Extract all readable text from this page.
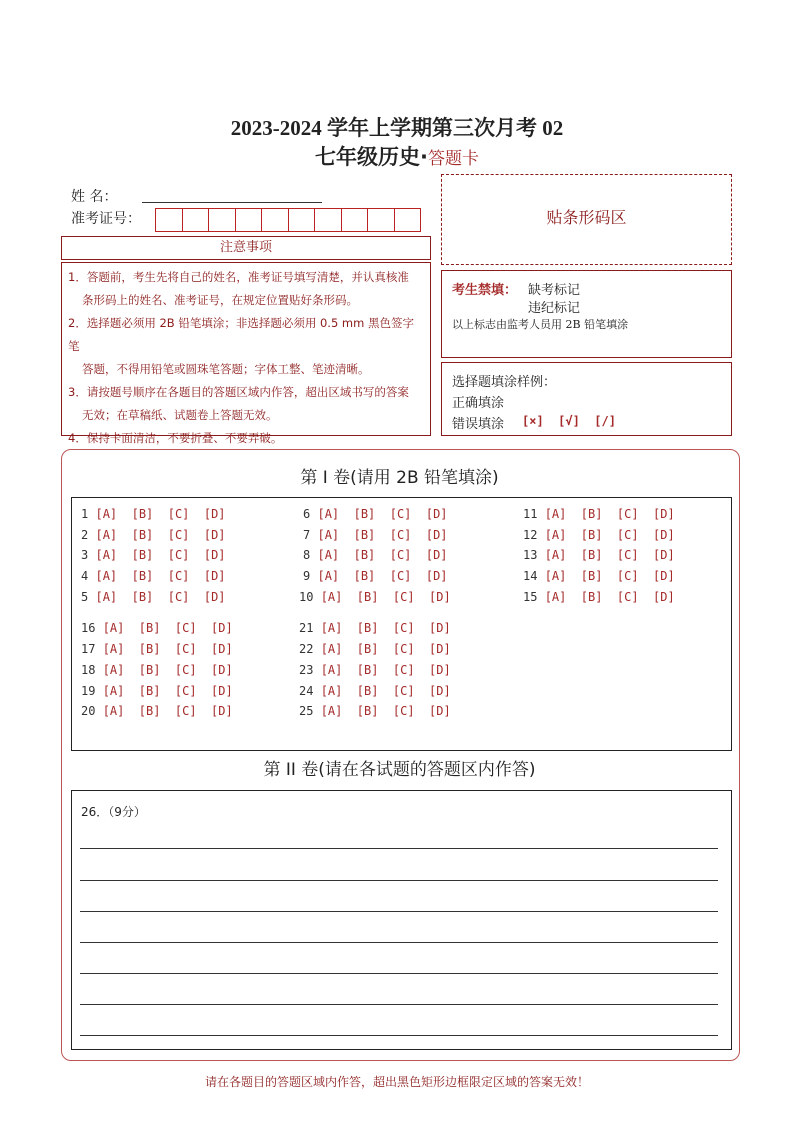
2023-2024 学年上学期第三次月考 02
七年级历史·答题卡
姓 名：
准考证号：
注意事项

1．答题前，考生先将自己的姓名，准考证号填写清楚，并认真核准

条形码上的姓名、准考证号，在规定位置贴好条形码。

2．选择题必须用 2B 铅笔填涂；非选择题必须用 0.5 mm 黑色签字笔

答题，不得用铅笔或圆珠笔答题；字体工整、笔迹清晰。

3．请按题号顺序在各题目的答题区域内作答，超出区域书写的答案

无效；在草稿纸、试题卷上答题无效。

4．保持卡面清洁，不要折叠、不要弄破。

贴条形码区
考生禁填： 缺考标记
违纪标记
以上标志由监考人员用 2B 铅笔填涂
选择题填涂样例：
正确填涂
错误填涂 [×]  [√]  [/]
第 I 卷(请用 2B 铅笔填涂)
1 [A]  [B]  [C]  [D]
2 [A]  [B]  [C]  [D]
3 [A]  [B]  [C]  [D]
4 [A]  [B]  [C]  [D]
5 [A]  [B]  [C]  [D]
6 [A]  [B]  [C]  [D]
7 [A]  [B]  [C]  [D]
8 [A]  [B]  [C]  [D]
9 [A]  [B]  [C]  [D]
10 [A]  [B]  [C]  [D]
11 [A]  [B]  [C]  [D]
12 [A]  [B]  [C]  [D]
13 [A]  [B]  [C]  [D]
14 [A]  [B]  [C]  [D]
15 [A]  [B]  [C]  [D]
16 [A]  [B]  [C]  [D]
17 [A]  [B]  [C]  [D]
18 [A]  [B]  [C]  [D]
19 [A]  [B]  [C]  [D]
20 [A]  [B]  [C]  [D]
21 [A]  [B]  [C]  [D]
22 [A]  [B]  [C]  [D]
23 [A]  [B]  [C]  [D]
24 [A]  [B]  [C]  [D]
25 [A]  [B]  [C]  [D]
第 II 卷(请在各试题的答题区内作答)
26．（9分）
请在各题目的答题区域内作答，超出黑色矩形边框限定区域的答案无效！
